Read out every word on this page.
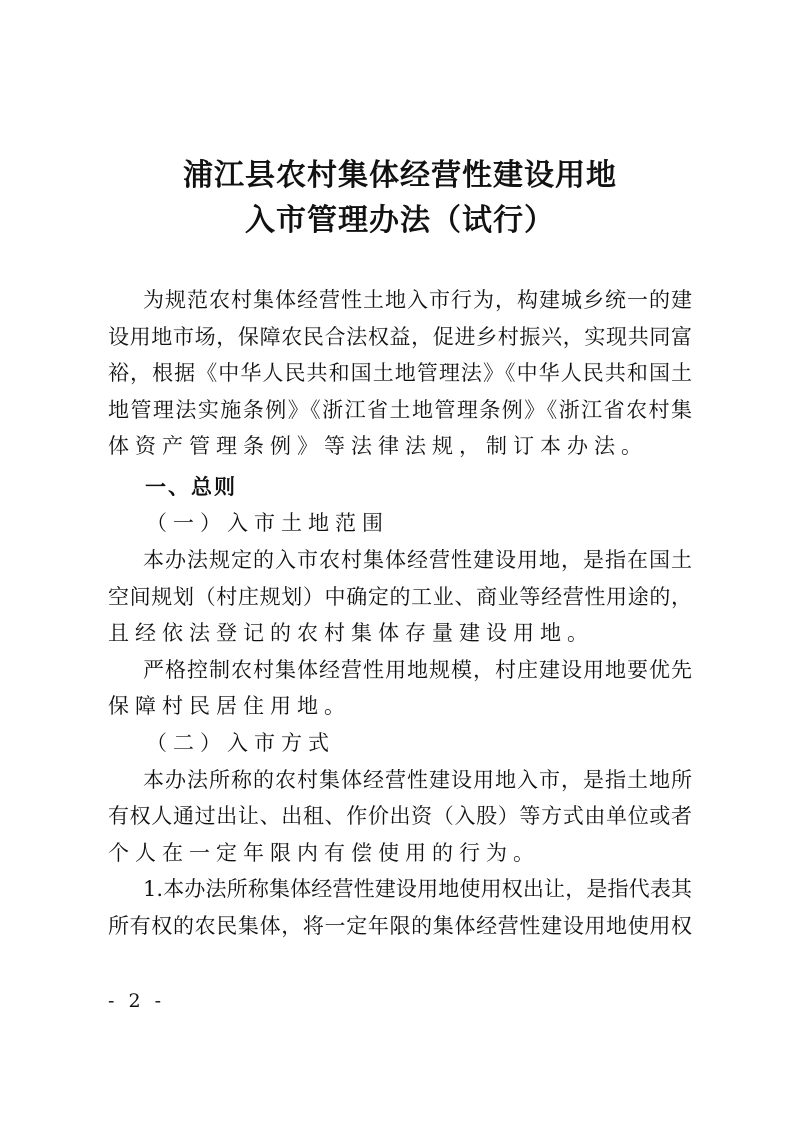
浦江县农村集体经营性建设用地
入市管理办法（试行）
为规范农村集体经营性土地入市行为，构建城乡统一的建
设用地市场，保障农民合法权益，促进乡村振兴，实现共同富
裕，根据《中华人民共和国土地管理法》《中华人民共和国土
地管理法实施条例》《浙江省土地管理条例》《浙江省农村集
体资产管理条例》等法律法规，制订本办法。
一、总则
（一）入市土地范围
本办法规定的入市农村集体经营性建设用地，是指在国土
空间规划（村庄规划）中确定的工业、商业等经营性用途的，
且经依法登记的农村集体存量建设用地。
严格控制农村集体经营性用地规模，村庄建设用地要优先
保障村民居住用地。
（二）入市方式
本办法所称的农村集体经营性建设用地入市，是指土地所
有权人通过出让、出租、作价出资（入股）等方式由单位或者
个人在一定年限内有偿使用的行为。
1.本办法所称集体经营性建设用地使用权出让，是指代表其
所有权的农民集体，将一定年限的集体经营性建设用地使用权
- 2 -
